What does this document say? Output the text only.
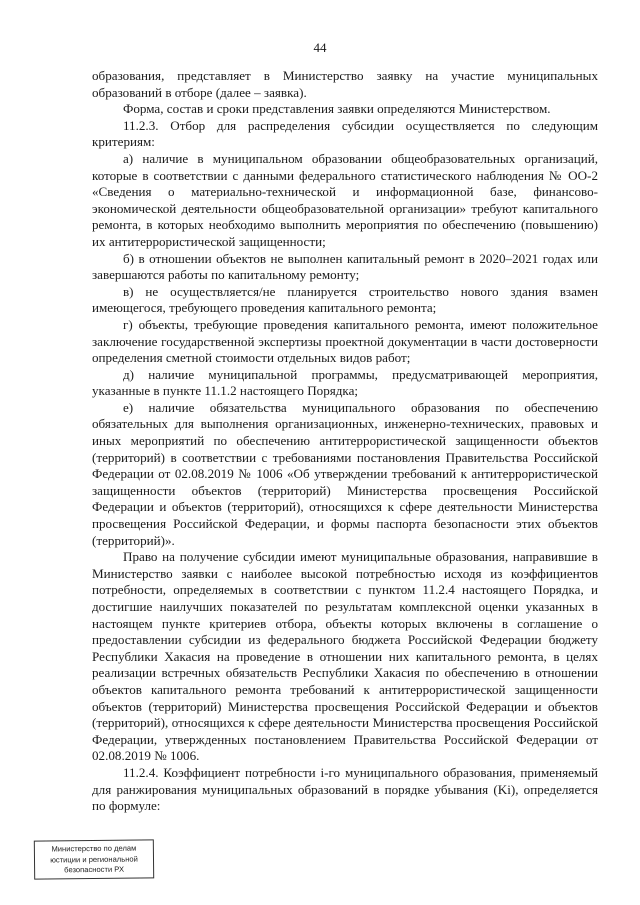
44

образования, представляет в Министерство заявку на участие муниципальных образований в отборе (далее – заявка).

Форма, состав и сроки представления заявки определяются Министерством.

11.2.3. Отбор для распределения субсидии осуществляется по следующим критериям:

а) наличие в муниципальном образовании общеобразовательных организаций, которые в соответствии с данными федерального статистического наблюдения № ОО-2 «Сведения о материально-технической и информационной базе, финансово-экономической деятельности общеобразовательной организации» требуют капитального ремонта, в которых необходимо выполнить мероприятия по обеспечению (повышению) их антитеррористической защищенности;

б) в отношении объектов не выполнен капитальный ремонт в 2020–2021 годах или завершаются работы по капитальному ремонту;

в) не осуществляется/не планируется строительство нового здания взамен имеющегося, требующего проведения капитального ремонта;

г) объекты, требующие проведения капитального ремонта, имеют положительное заключение государственной экспертизы проектной документации в части достоверности определения сметной стоимости отдельных видов работ;

д) наличие муниципальной программы, предусматривающей мероприятия, указанные в пункте 11.1.2 настоящего Порядка;

е) наличие обязательства муниципального образования по обеспечению обязательных для выполнения организационных, инженерно-технических, правовых и иных мероприятий по обеспечению антитеррористической защищенности объектов (территорий) в соответствии с требованиями постановления Правительства Российской Федерации от 02.08.2019 № 1006 «Об утверждении требований к антитеррористической защищенности объектов (территорий) Министерства просвещения Российской Федерации и объектов (территорий), относящихся к сфере деятельности Министерства просвещения Российской Федерации, и формы паспорта безопасности этих объектов (территорий)».

Право на получение субсидии имеют муниципальные образования, направившие в Министерство заявки с наиболее высокой потребностью исходя из коэффициентов потребности, определяемых в соответствии с пунктом 11.2.4 настоящего Порядка, и достигшие наилучших показателей по результатам комплексной оценки указанных в настоящем пункте критериев отбора, объекты которых включены в соглашение о предоставлении субсидии из федерального бюджета Российской Федерации бюджету Республики Хакасия на проведение в отношении них капитального ремонта, в целях реализации встречных обязательств Республики Хакасия по обеспечению в отношении объектов капитального ремонта требований к антитеррористической защищенности объектов (территорий) Министерства просвещения Российской Федерации и объектов (территорий), относящихся к сфере деятельности Министерства просвещения Российской Федерации, утвержденных постановлением Правительства Российской Федерации от 02.08.2019 № 1006.

11.2.4. Коэффициент потребности i-го муниципального образования, применяемый для ранжирования муниципальных образований в порядке убывания (Ki), определяется по формуле:

Министерство по делам
юстиции и региональной
безопасности РХ
